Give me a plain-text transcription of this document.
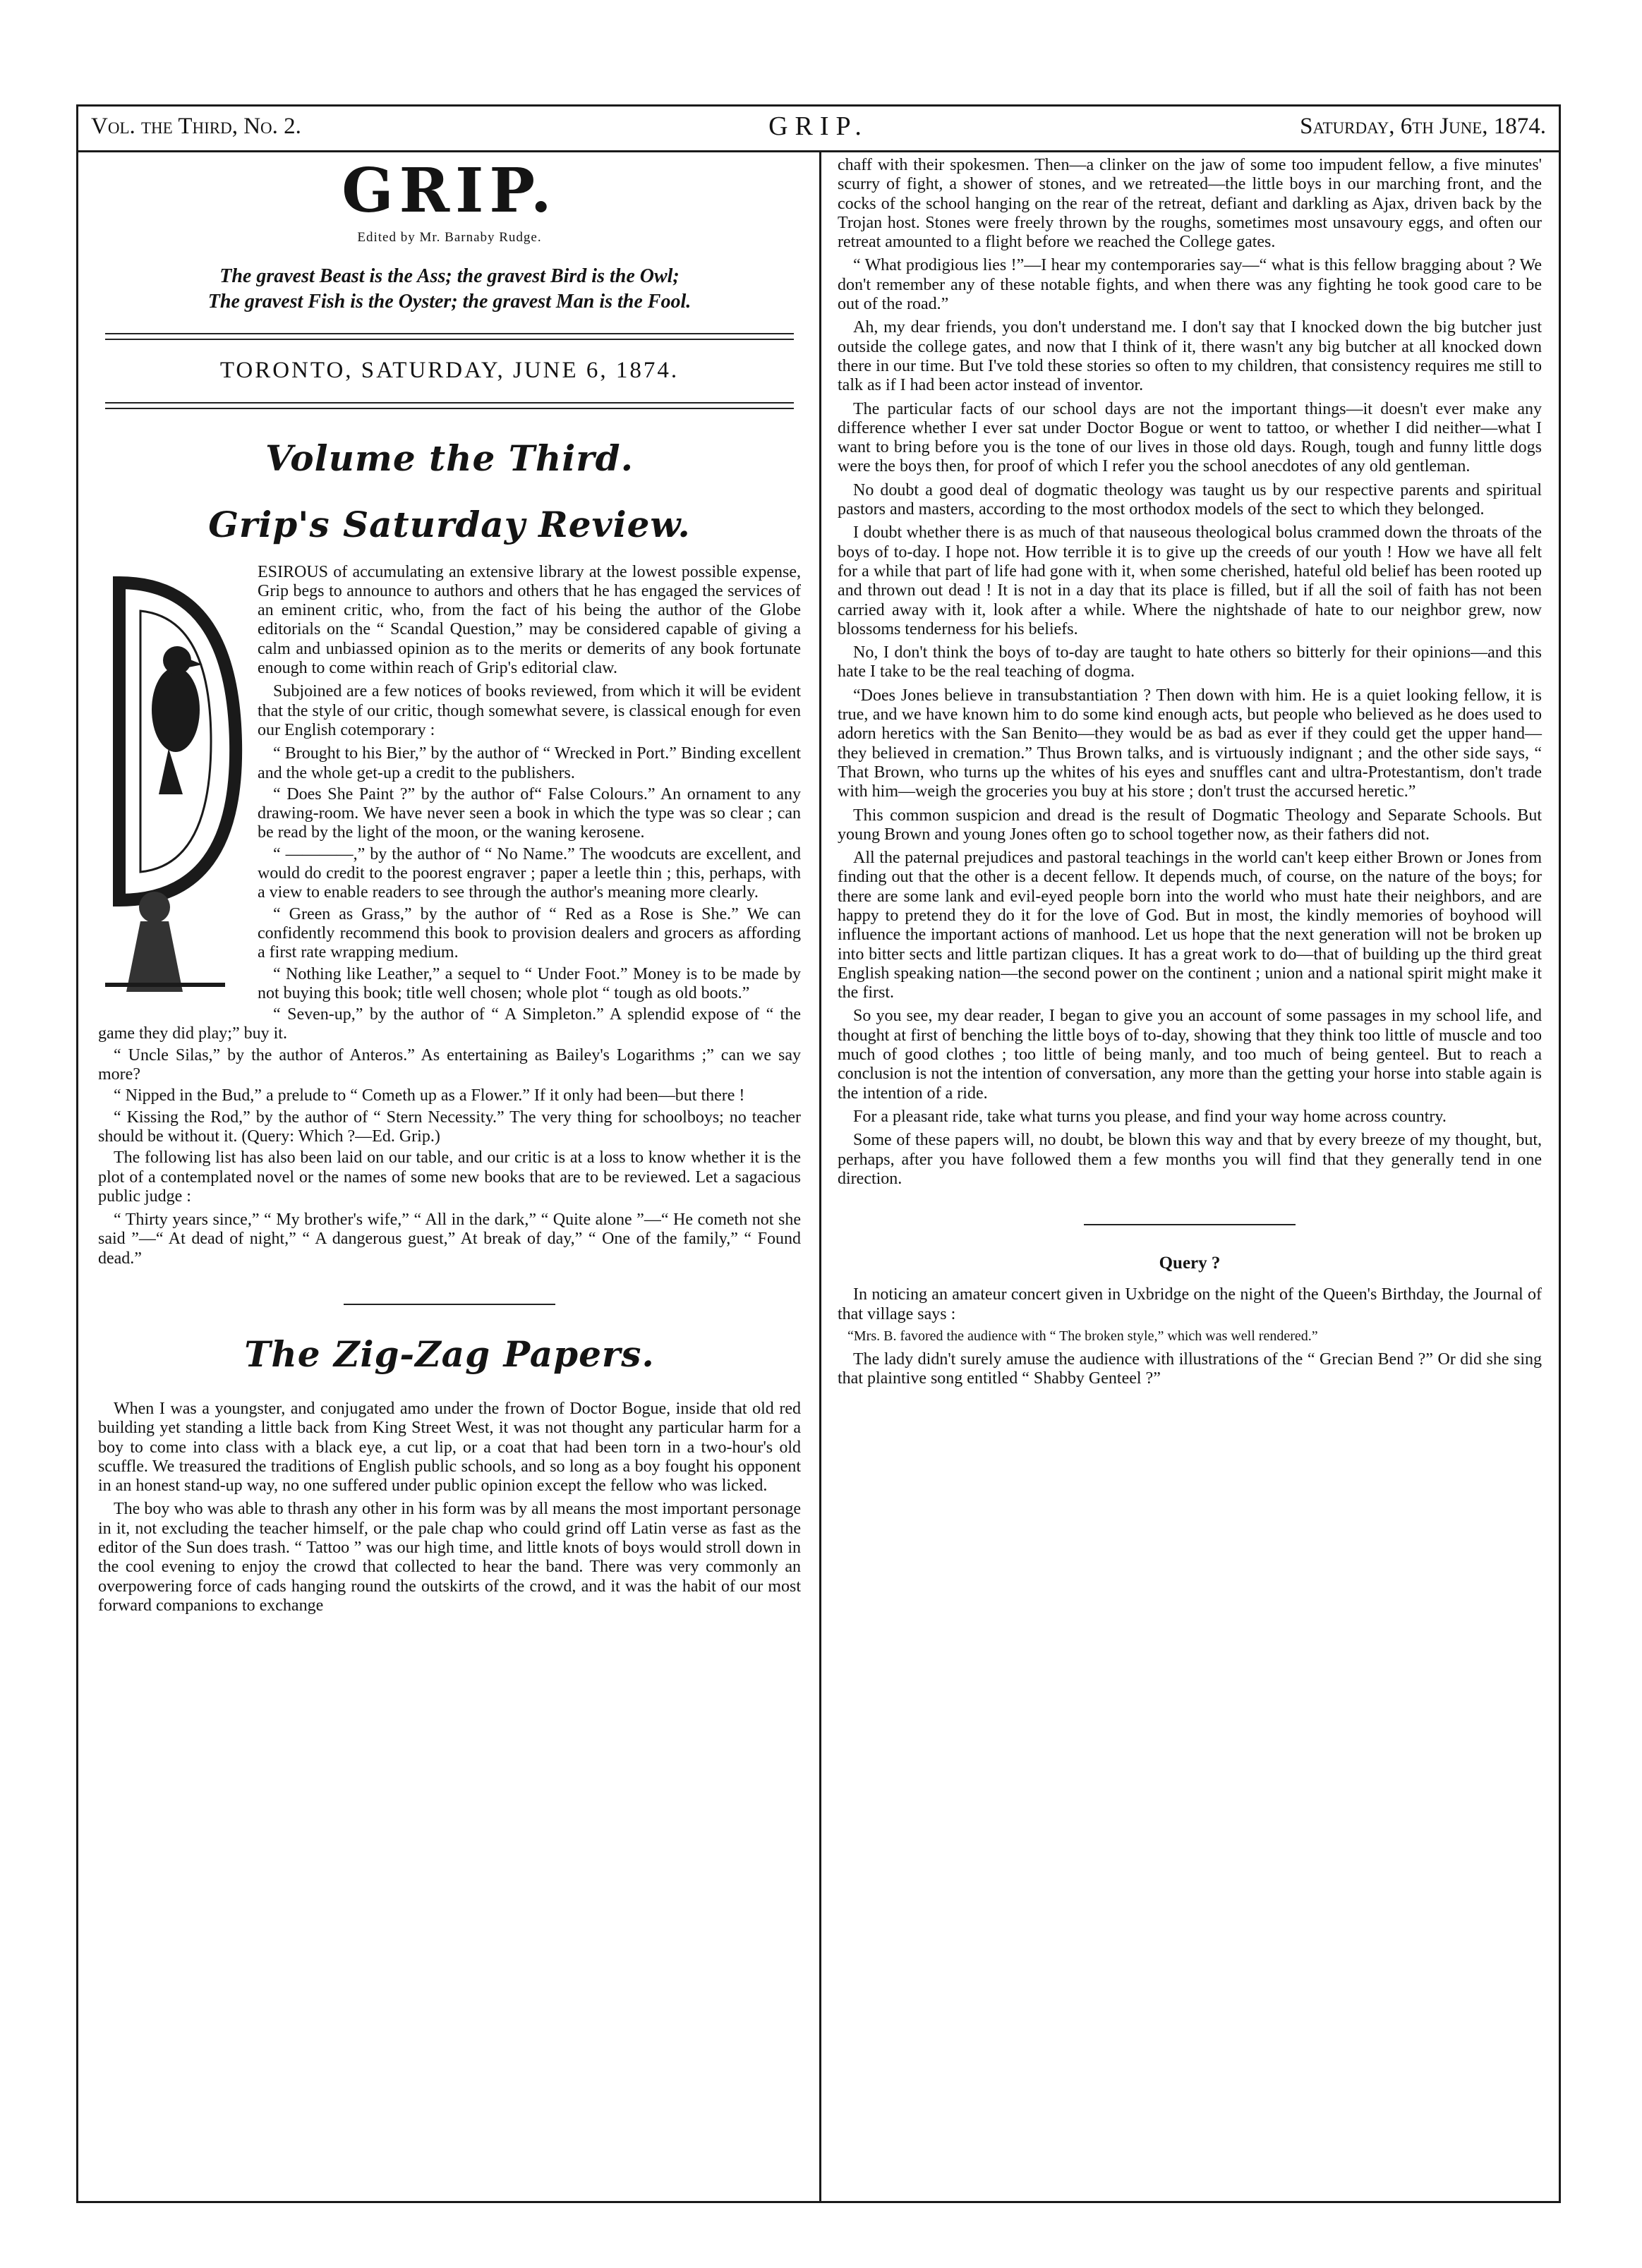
Vol. the Third, No. 2.	GRIP.	Saturday, 6th June, 1874.
GRIP.
Edited by Mr. Barnaby Rudge.
The gravest Beast is the Ass; the gravest Bird is the Owl;
The gravest Fish is the Oyster; the gravest Man is the Fool.
TORONTO, SATURDAY, JUNE 6, 1874.
Volume the Third.
Grip's Saturday Review.

ESIROUS of accumulating an extensive library at the lowest possible expense, Grip begs to announce to authors and others that he has engaged the services of an eminent critic, who, from the fact of his being the author of the Globe editorials on the “ Scandal Question,” may be considered capable of giving a calm and unbiassed opinion as to the merits or demerits of any book fortunate enough to come within reach of Grip's editorial claw.

Subjoined are a few notices of books reviewed, from which it will be evident that the style of our critic, though somewhat severe, is classical enough for even our English cotemporary :

“ Brought to his Bier,” by the author of “ Wrecked in Port.” Binding excellent and the whole get-up a credit to the publishers.
“ Does She Paint ?” by the author of“ False Colours.” An ornament to any drawing-room. We have never seen a book in which the type was so clear ; can be read by the light of the moon, or the waning kerosene.
“ ————,” by the author of “ No Name.” The woodcuts are excellent, and would do credit to the poorest engraver ; paper a leetle thin ; this, perhaps, with a view to enable readers to see through the author's meaning more clearly.
“ Green as Grass,” by the author of “ Red as a Rose is She.” We can confidently recommend this book to provision dealers and grocers as affording a first rate wrapping medium.
“ Nothing like Leather,” a sequel to “ Under Foot.” Money is to be made by not buying this book; title well chosen; whole plot “ tough as old boots.”
“ Seven-up,” by the author of “ A Simpleton.” A splendid expose of “ the game they did play;” buy it.
“ Uncle Silas,” by the author of Anteros.” As entertaining as Bailey's Logarithms ;” can we say more?
“ Nipped in the Bud,” a prelude to “ Cometh up as a Flower.” If it only had been—but there !
“ Kissing the Rod,” by the author of “ Stern Necessity.” The very thing for schoolboys; no teacher should be without it. (Query: Which ?—Ed. Grip.)

The following list has also been laid on our table, and our critic is at a loss to know whether it is the plot of a contemplated novel or the names of some new books that are to be reviewed. Let a sagacious public judge :

“ Thirty years since,” “ My brother's wife,” “ All in the dark,” “ Quite alone ”—“ He cometh not she said ”—“ At dead of night,” “ A dangerous guest,” At break of day,” “ One of the family,” “ Found dead.”

The Zig-Zag Papers.

When I was a youngster, and conjugated amo under the frown of Doctor Bogue, inside that old red building yet standing a little back from King Street West, it was not thought any particular harm for a boy to come into class with a black eye, a cut lip, or a coat that had been torn in a two-hour's old scuffle. We treasured the traditions of English public schools, and so long as a boy fought his opponent in an honest stand-up way, no one suffered under public opinion except the fellow who was licked.

The boy who was able to thrash any other in his form was by all means the most important personage in it, not excluding the teacher himself, or the pale chap who could grind off Latin verse as fast as the editor of the Sun does trash. “ Tattoo ” was our high time, and little knots of boys would stroll down in the cool evening to enjoy the crowd that collected to hear the band. There was very commonly an overpowering force of cads hanging round the outskirts of the crowd, and it was the habit of our most forward companions to exchange

chaff with their spokesmen. Then—a clinker on the jaw of some too impudent fellow, a five minutes' scurry of fight, a shower of stones, and we retreated—the little boys in our marching front, and the cocks of the school hanging on the rear of the retreat, defiant and darkling as Ajax, driven back by the Trojan host. Stones were freely thrown by the roughs, sometimes most unsavoury eggs, and often our retreat amounted to a flight before we reached the College gates.

“ What prodigious lies !”—I hear my contemporaries say—“ what is this fellow bragging about ? We don't remember any of these notable fights, and when there was any fighting he took good care to be out of the road.”

Ah, my dear friends, you don't understand me. I don't say that I knocked down the big butcher just outside the college gates, and now that I think of it, there wasn't any big butcher at all knocked down there in our time. But I've told these stories so often to my children, that consistency requires me still to talk as if I had been actor instead of inventor.

The particular facts of our school days are not the important things—it doesn't ever make any difference whether I ever sat under Doctor Bogue or went to tattoo, or whether I did neither—what I want to bring before you is the tone of our lives in those old days. Rough, tough and funny little dogs were the boys then, for proof of which I refer you the school anecdotes of any old gentleman.

No doubt a good deal of dogmatic theology was taught us by our respective parents and spiritual pastors and masters, according to the most orthodox models of the sect to which they belonged.

I doubt whether there is as much of that nauseous theological bolus crammed down the throats of the boys of to-day. I hope not. How terrible it is to give up the creeds of our youth ! How we have all felt for a while that part of life had gone with it, when some cherished, hateful old belief has been rooted up and thrown out dead ! It is not in a day that its place is filled, but if all the soil of faith has not been carried away with it, look after a while. Where the nightshade of hate to our neighbor grew, now blossoms tenderness for his beliefs.

No, I don't think the boys of to-day are taught to hate others so bitterly for their opinions—and this hate I take to be the real teaching of dogma.

“Does Jones believe in transubstantiation ? Then down with him. He is a quiet looking fellow, it is true, and we have known him to do some kind enough acts, but people who believed as he does used to adorn heretics with the San Benito—they would be as bad as ever if they could get the upper hand—they believed in cremation.” Thus Brown talks, and is virtuously indignant ; and the other side says, “ That Brown, who turns up the whites of his eyes and snuffles cant and ultra-Protestantism, don't trade with him—weigh the groceries you buy at his store ; don't trust the accursed heretic.”

This common suspicion and dread is the result of Dogmatic Theology and Separate Schools. But young Brown and young Jones often go to school together now, as their fathers did not.

All the paternal prejudices and pastoral teachings in the world can't keep either Brown or Jones from finding out that the other is a decent fellow. It depends much, of course, on the nature of the boys; for there are some lank and evil-eyed people born into the world who must hate their neighbors, and are happy to pretend they do it for the love of God. But in most, the kindly memories of boyhood will influence the important actions of manhood. Let us hope that the next generation will not be broken up into bitter sects and little partizan cliques. It has a great work to do—that of building up the third great English speaking nation—the second power on the continent ; union and a national spirit might make it the first.

So you see, my dear reader, I began to give you an account of some passages in my school life, and thought at first of benching the little boys of to-day, showing that they think too little of muscle and too much of good clothes ; too little of being manly, and too much of being genteel. But to reach a conclusion is not the intention of conversation, any more than the getting your horse into stable again is the intention of a ride.

For a pleasant ride, take what turns you please, and find your way home across country.

Some of these papers will, no doubt, be blown this way and that by every breeze of my thought, but, perhaps, after you have followed them a few months you will find that they generally tend in one direction.

Query ?

In noticing an amateur concert given in Uxbridge on the night of the Queen's Birthday, the Journal of that village says :

“Mrs. B. favored the audience with “ The broken style,” which was well rendered.”

The lady didn't surely amuse the audience with illustrations of the “ Grecian Bend ?” Or did she sing that plaintive song entitled “ Shabby Genteel ?”
